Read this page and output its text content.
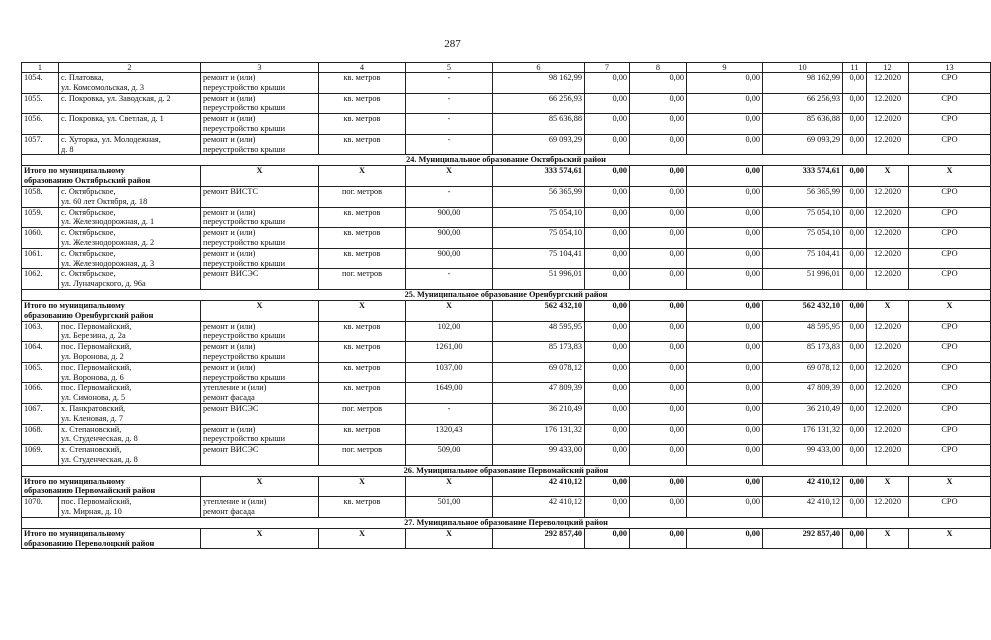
287
1	2	3	4	5	6	7	8	9	10	11	12	13
1054.	с. Платовка,
ул. Комсомольская, д. 3	ремонт и (или)
переустройство крыши	кв. метров	-	98 162,99	0,00	0,00	0,00	98 162,99	0,00	12.2020	СРО
1055.	с. Покровка, ул. Заводская, д. 2	ремонт и (или)
переустройство крыши	кв. метров	-	66 256,93	0,00	0,00	0,00	66 256,93	0,00	12.2020	СРО
1056.	с. Покровка, ул. Светлая, д. 1	ремонт и (или)
переустройство крыши	кв. метров	-	85 636,88	0,00	0,00	0,00	85 636,88	0,00	12.2020	СРО
1057.	с. Хуторка, ул. Молодежная,
д. 8	ремонт и (или)
переустройство крыши	кв. метров	-	69 093,29	0,00	0,00	0,00	69 093,29	0,00	12.2020	СРО
24. Муниципальное образование Октябрьский район												
Итого по муниципальному
образованию Октябрьский район		X	X	X	333 574,61	0,00	0,00	0,00	333 574,61	0,00	X	X
1058.	с. Октябрьское,
ул. 60 лет Октября, д. 18	ремонт ВИСТС	пог. метров	-	56 365,99	0,00	0,00	0,00	56 365,99	0,00	12.2020	СРО
1059.	с. Октябрьское,
ул. Железнодорожная, д. 1	ремонт и (или)
переустройство крыши	кв. метров	900,00	75 054,10	0,00	0,00	0,00	75 054,10	0,00	12.2020	СРО
1060.	с. Октябрьское,
ул. Железнодорожная, д. 2	ремонт и (или)
переустройство крыши	кв. метров	900,00	75 054,10	0,00	0,00	0,00	75 054,10	0,00	12.2020	СРО
1061.	с. Октябрьское,
ул. Железнодорожная, д. 3	ремонт и (или)
переустройство крыши	кв. метров	900,00	75 104,41	0,00	0,00	0,00	75 104,41	0,00	12.2020	СРО
1062.	с. Октябрьское,
ул. Луначарского, д. 96а	ремонт ВИСЭС	пог. метров	-	51 996,01	0,00	0,00	0,00	51 996,01	0,00	12.2020	СРО
25. Муниципальное образование Оренбургский район												
Итого по муниципальному
образованию Оренбургский район		X	X	X	562 432,10	0,00	0,00	0,00	562 432,10	0,00	X	X
1063.	пос. Первомайский,
ул. Березина, д. 2а	ремонт и (или)
переустройство крыши	кв. метров	102,00	48 595,95	0,00	0,00	0,00	48 595,95	0,00	12.2020	СРО
1064.	пос. Первомайский,
ул. Воронова, д. 2	ремонт и (или)
переустройство крыши	кв. метров	1261,00	85 173,83	0,00	0,00	0,00	85 173,83	0,00	12.2020	СРО
1065.	пос. Первомайский,
ул. Воронова, д. 6	ремонт и (или)
переустройство крыши	кв. метров	1037,00	69 078,12	0,00	0,00	0,00	69 078,12	0,00	12.2020	СРО
1066.	пос. Первомайский,
ул. Симонова, д. 5	утепление и (или)
ремонт фасада	кв. метров	1649,00	47 809,39	0,00	0,00	0,00	47 809,39	0,00	12.2020	СРО
1067.	х. Панкратовский,
ул. Кленовая, д. 7	ремонт ВИСЭС	пог. метров	-	36 210,49	0,00	0,00	0,00	36 210,49	0,00	12.2020	СРО
1068.	х. Степановский,
ул. Студенческая, д. 8	ремонт и (или)
переустройство крыши	кв. метров	1320,43	176 131,32	0,00	0,00	0,00	176 131,32	0,00	12.2020	СРО
1069.	х. Степановский,
ул. Студенческая, д. 8	ремонт ВИСЭС	пог. метров	509,00	99 433,00	0,00	0,00	0,00	99 433,00	0,00	12.2020	СРО
26. Муниципальное образование Первомайский район												
Итого по муниципальному
образованию Первомайский район		X	X	X	42 410,12	0,00	0,00	0,00	42 410,12	0,00	X	X
1070.	пос. Первомайский,
ул. Мирная, д. 10	утепление и (или)
ремонт фасада	кв. метров	501,00	42 410,12	0,00	0,00	0,00	42 410,12	0,00	12.2020	СРО
27. Муниципальное образование Переволоцкий район												
Итого по муниципальному
образованию Переволоцкий район		X	X	X	292 857,40	0,00	0,00	0,00	292 857,40	0,00	X	X
